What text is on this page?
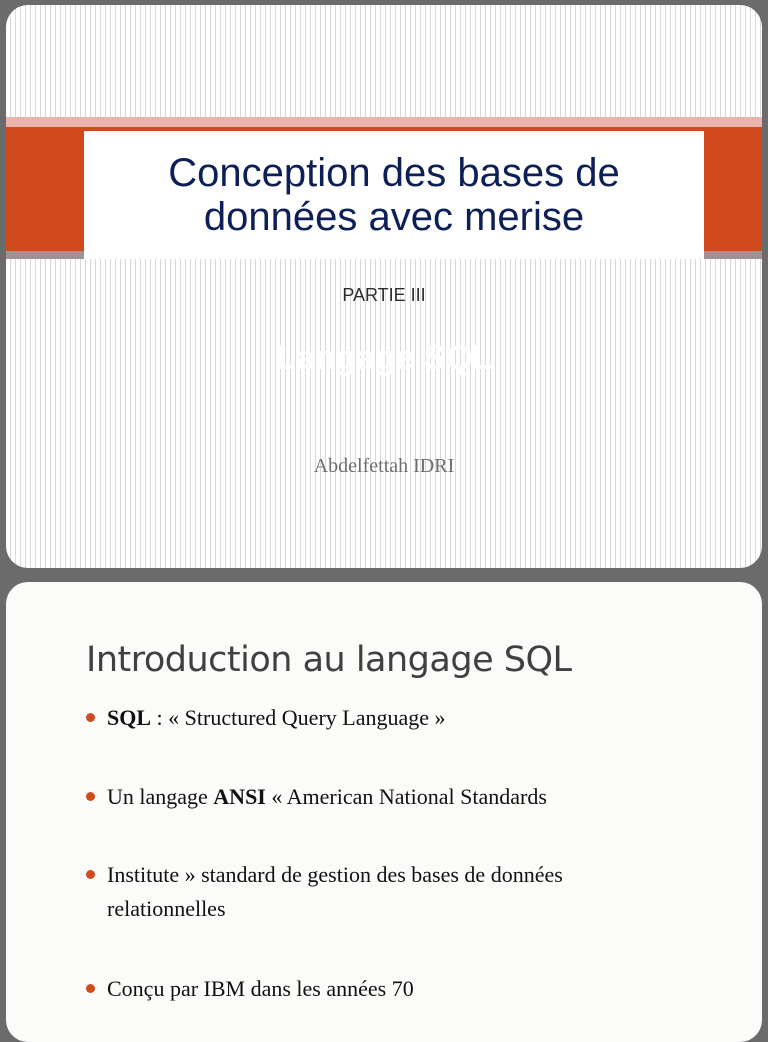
Conception des bases de données avec merise
PARTIE III
Langage SQL
Abdelfettah IDRI
Introduction au langage SQL
SQL : « Structured Query Language »
Un langage ANSI « American National Standards
Institute » standard de gestion des bases de données relationnelles
Conçu par IBM dans les années 70
